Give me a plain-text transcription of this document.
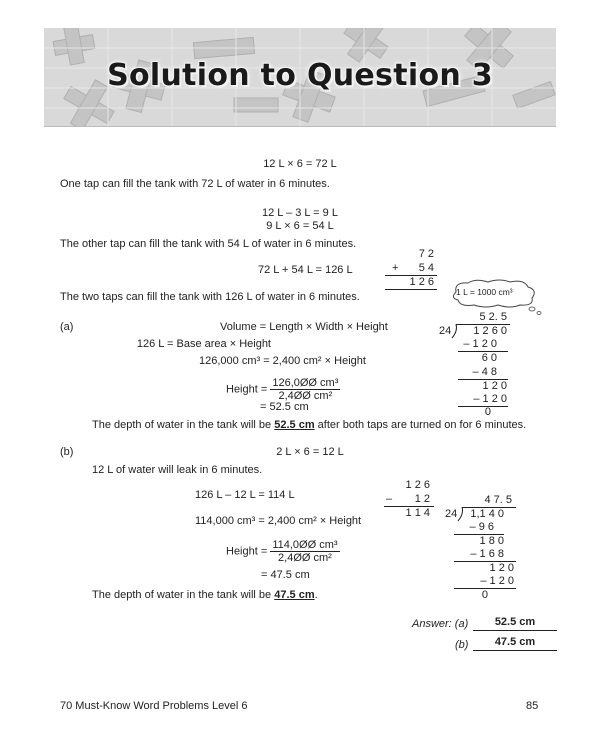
Solution to Question 3
12 L × 6 = 72 L
One tap can fill the tank with 72 L of water in 6 minutes.
12 L – 3 L = 9 L
9 L × 6 = 54 L
The other tap can fill the tank with 54 L of water in 6 minutes.
7 2
+	5 4
1 2 6
72 L + 54 L = 126 L
1 L = 1000 cm³
The two taps can fill the tank with 126 L of water in 6 minutes.
(a)	Volume = Length × Width × Height
126 L = Base area × Height
126,000 cm³ = 2,400 cm² × Height
Height = $\frac{\text{126,0ØØ cm³}}{\text{2,4ØØ cm²}}$
= 52.5 cm
5 2. 5
24	1 2 6 0
– 1 2 0
6 0
– 4 8
1 2 0
– 1 2 0
0
The depth of water in the tank will be 52.5 cm after both taps are turned on for 6 minutes.
(b)	2 L × 6 = 12 L
12 L of water will leak in 6 minutes.
1 2 6
–	1 2
1 1 4
126 L – 12 L = 114 L
114,000 cm³ = 2,400 cm² × Height
Height = $\frac{\text{114,0ØØ cm³}}{\text{2,4ØØ cm²}}$
= 47.5 cm
4 7. 5
24	1,1 4 0
– 9 6
1 8 0
– 1 6 8
1 2 0
– 1 2 0
0
The depth of water in the tank will be 47.5 cm.
Answer: (a)	52.5 cm
(b)	47.5 cm
70 Must-Know Word Problems Level 6	85
